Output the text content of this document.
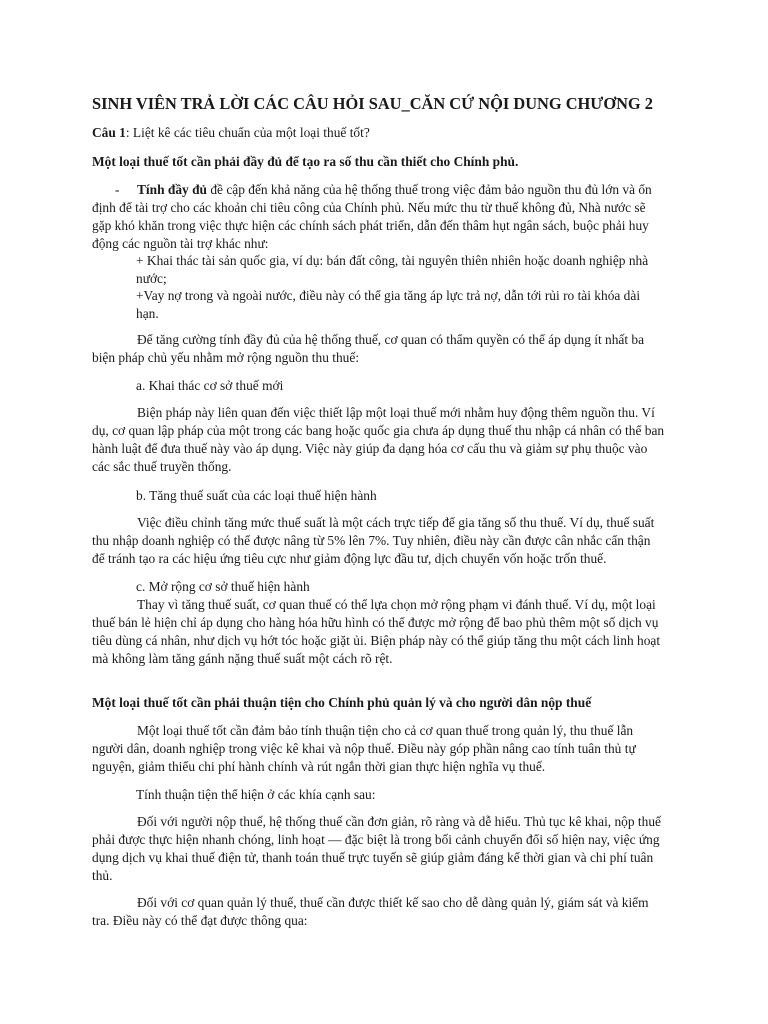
SINH VIÊN TRẢ LỜI CÁC CÂU HỎI SAU_CĂN CỨ NỘI DUNG CHƯƠNG 2

Câu 1: Liệt kê các tiêu chuẩn của một loại thuế tốt?

Một loại thuế tốt cần phải đầy đủ để tạo ra số thu cần thiết cho Chính phủ.

- Tính đầy đủ đề cập đến khả năng của hệ thống thuế trong việc đảm bảo nguồn thu đủ lớn và ổn định để tài trợ cho các khoản chi tiêu công của Chính phủ. Nếu mức thu từ thuế không đủ, Nhà nước sẽ gặp khó khăn trong việc thực hiện các chính sách phát triển, dẫn đến thâm hụt ngân sách, buộc phải huy động các nguồn tài trợ khác như:

+ Khai thác tài sản quốc gia, ví dụ: bán đất công, tài nguyên thiên nhiên hoặc doanh nghiệp nhà nước;

+Vay nợ trong và ngoài nước, điều này có thể gia tăng áp lực trả nợ, dẫn tới rủi ro tài khóa dài hạn.

Để tăng cường tính đầy đủ của hệ thống thuế, cơ quan có thẩm quyền có thể áp dụng ít nhất ba biện pháp chủ yếu nhằm mở rộng nguồn thu thuế:

a. Khai thác cơ sở thuế mới

Biện pháp này liên quan đến việc thiết lập một loại thuế mới nhằm huy động thêm nguồn thu. Ví dụ, cơ quan lập pháp của một trong các bang hoặc quốc gia chưa áp dụng thuế thu nhập cá nhân có thể ban hành luật để đưa thuế này vào áp dụng. Việc này giúp đa dạng hóa cơ cấu thu và giảm sự phụ thuộc vào các sắc thuế truyền thống.

b. Tăng thuế suất của các loại thuế hiện hành

Việc điều chỉnh tăng mức thuế suất là một cách trực tiếp để gia tăng số thu thuế. Ví dụ, thuế suất thu nhập doanh nghiệp có thể được nâng từ 5% lên 7%. Tuy nhiên, điều này cần được cân nhắc cẩn thận để tránh tạo ra các hiệu ứng tiêu cực như giảm động lực đầu tư, dịch chuyển vốn hoặc trốn thuế.

c. Mở rộng cơ sở thuế hiện hành

Thay vì tăng thuế suất, cơ quan thuế có thể lựa chọn mở rộng phạm vi đánh thuế. Ví dụ, một loại thuế bán lẻ hiện chỉ áp dụng cho hàng hóa hữu hình có thể được mở rộng để bao phủ thêm một số dịch vụ tiêu dùng cá nhân, như dịch vụ hớt tóc hoặc giặt ủi. Biện pháp này có thể giúp tăng thu một cách linh hoạt mà không làm tăng gánh nặng thuế suất một cách rõ rệt.

Một loại thuế tốt cần phải thuận tiện cho Chính phủ quản lý và cho người dân nộp thuế

Một loại thuế tốt cần đảm bảo tính thuận tiện cho cả cơ quan thuế trong quản lý, thu thuế lẫn người dân, doanh nghiệp trong việc kê khai và nộp thuế. Điều này góp phần nâng cao tính tuân thủ tự nguyện, giảm thiểu chi phí hành chính và rút ngắn thời gian thực hiện nghĩa vụ thuế.

Tính thuận tiện thể hiện ở các khía cạnh sau:

Đối với người nộp thuế, hệ thống thuế cần đơn giản, rõ ràng và dễ hiểu. Thủ tục kê khai, nộp thuế phải được thực hiện nhanh chóng, linh hoạt — đặc biệt là trong bối cảnh chuyển đổi số hiện nay, việc ứng dụng dịch vụ khai thuế điện tử, thanh toán thuế trực tuyến sẽ giúp giảm đáng kể thời gian và chi phí tuân thủ.

Đối với cơ quan quản lý thuế, thuế cần được thiết kế sao cho dễ dàng quản lý, giám sát và kiểm tra. Điều này có thể đạt được thông qua:
